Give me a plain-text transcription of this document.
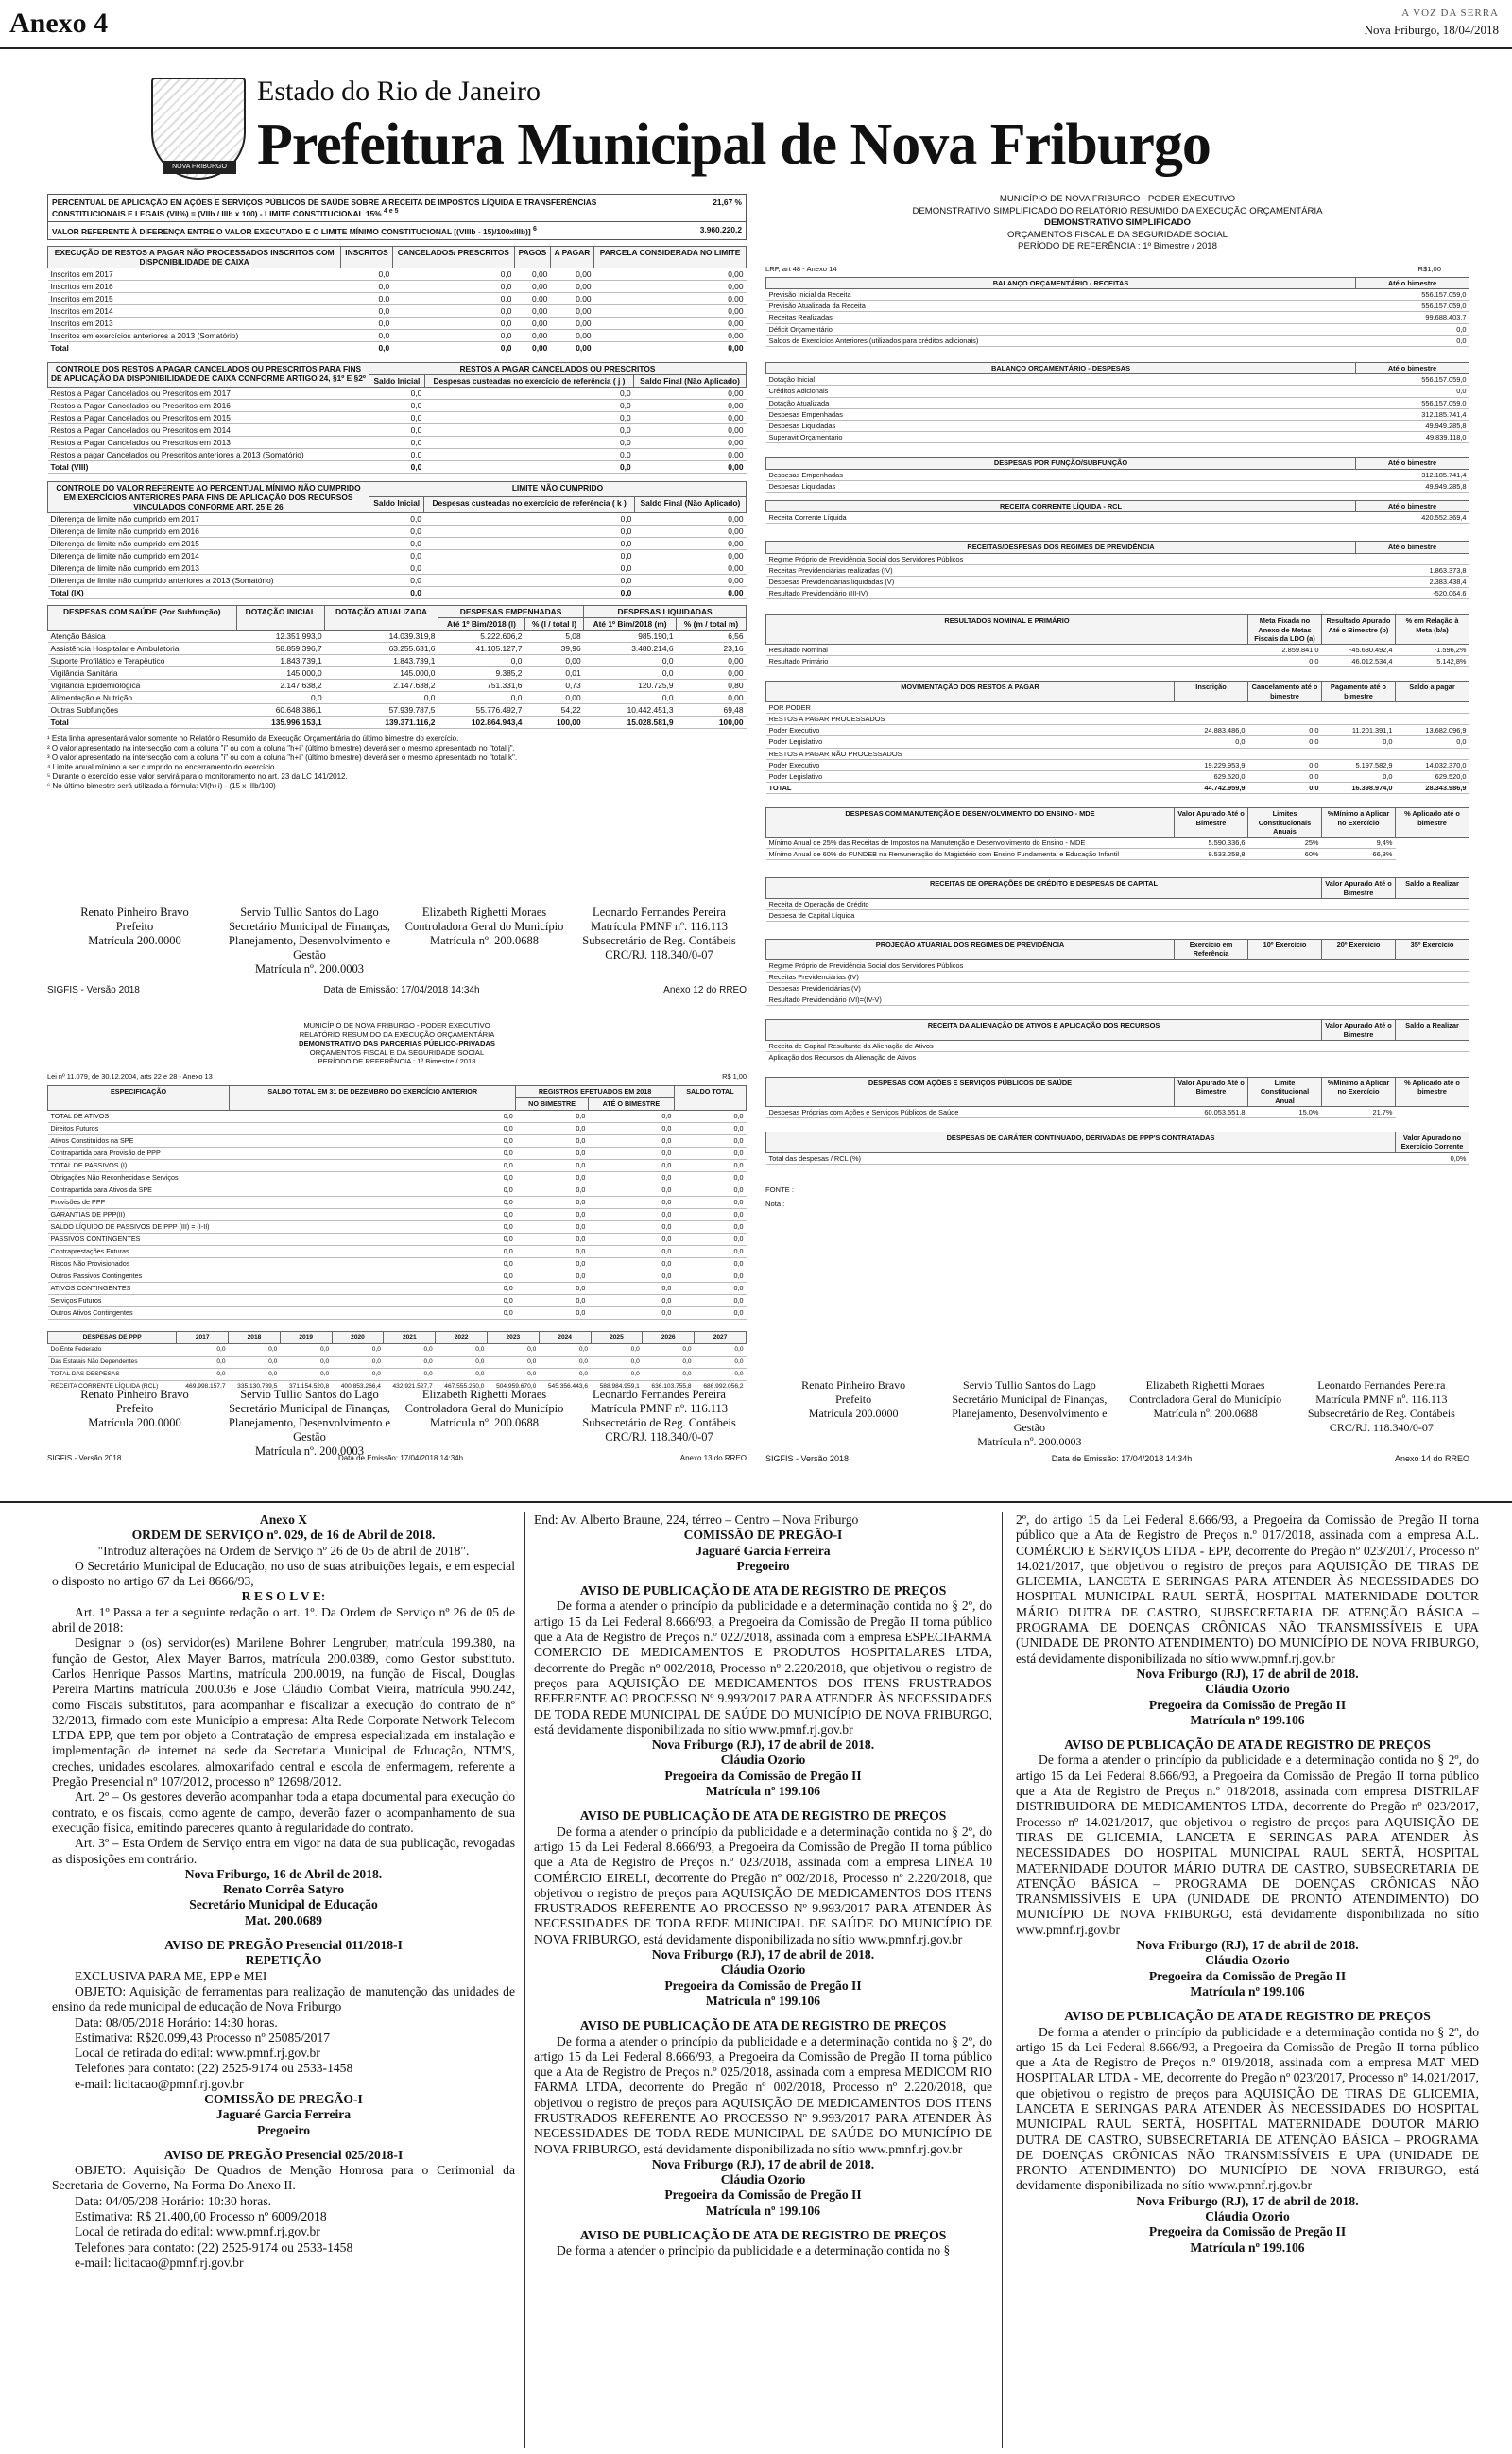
Anexo 4	A VOZ DA SERRA
Nova Friburgo, 18/04/2018
NOVA FRIBURGO
Estado do Rio de Janeiro
Prefeitura Municipal de Nova Friburgo
PERCENTUAL DE APLICAÇÃO EM AÇÕES E SERVIÇOS PÚBLICOS DE SAÚDE SOBRE A RECEITA DE IMPOSTOS LÍQUIDA E TRANSFERÊNCIAS CONSTITUCIONAIS E LEGAIS (VII%) = (VIIb / IIIb x 100) - LIMITE CONSTITUCIONAL 15% $^{4 e 5}$
21,67 %
VALOR REFERENTE À DIFERENÇA ENTRE O VALOR EXECUTADO E O LIMITE MÍNIMO CONSTITUCIONAL [(VIIIb - 15)/100xIIIb)] $^6$	3.960.220,2
EXECUÇÃO DE RESTOS A PAGAR NÃO PROCESSADOS INSCRITOS COM DISPONIBILIDADE DE CAIXA	INSCRITOS	CANCELADOS/ PRESCRITOS	PAGOS	A PAGAR	PARCELA CONSIDERADA NO LIMITE
Inscritos em 2017	0,0	0,0	0,00	0,00	0,00
Inscritos em 2016	0,0	0,0	0,00	0,00	0,00
Inscritos em 2015	0,0	0,0	0,00	0,00	0,00
Inscritos em 2014	0,0	0,0	0,00	0,00	0,00
Inscritos em 2013	0,0	0,0	0,00	0,00	0,00
Inscritos em exercícios anteriores a 2013 (Somatório)	0,0	0,0	0,00	0,00	0,00
Total	0,0	0,0	0,00	0,00	0,00
CONTROLE DOS RESTOS A PAGAR CANCELADOS OU PRESCRITOS PARA FINS DE APLICAÇÃO DA DISPONIBILIDADE DE CAIXA CONFORME ARTIGO 24, §1º E §2º	RESTOS A PAGAR CANCELADOS OU PRESCRITOS		
	Saldo Inicial	Despesas custeadas no exercício de referência ( j )	Saldo Final (Não Aplicado)
Restos a Pagar Cancelados ou Prescritos em 2017	0,0	0,0	0,00
Restos a Pagar Cancelados ou Prescritos em 2016	0,0	0,0	0,00
Restos a Pagar Cancelados ou Prescritos em 2015	0,0	0,0	0,00
Restos a Pagar Cancelados ou Prescritos em 2014	0,0	0,0	0,00
Restos a Pagar Cancelados ou Prescritos em 2013	0,0	0,0	0,00
Restos a pagar Cancelados ou Prescritos anteriores a 2013 (Somatório)	0,0	0,0	0,00
Total (VIII)	0,0	0,0	0,00
CONTROLE DO VALOR REFERENTE AO PERCENTUAL MÍNIMO NÃO CUMPRIDO EM EXERCÍCIOS ANTERIORES PARA FINS DE APLICAÇÃO DOS RECURSOS VINCULADOS CONFORME ART. 25 E 26	LIMITE NÃO CUMPRIDO		
	Saldo Inicial	Despesas custeadas no exercício de referência ( k )	Saldo Final (Não Aplicado)
Diferença de limite não cumprido em 2017	0,0	0,0	0,00
Diferença de limite não cumprido em 2016	0,0	0,0	0,00
Diferença de limite não cumprido em 2015	0,0	0,0	0,00
Diferença de limite não cumprido em 2014	0,0	0,0	0,00
Diferença de limite não cumprido em 2013	0,0	0,0	0,00
Diferença de limite não cumprido anteriores a 2013 (Somatório)	0,0	0,0	0,00
Total (IX)	0,0	0,0	0,00
DESPESAS COM SAÚDE (Por Subfunção)	DOTAÇÃO INICIAL	DOTAÇÃO ATUALIZADA	DESPESAS EMPENHADAS		DESPESAS LIQUIDADAS	
			Até 1º Bim/2018 (l)	% (l / total l)	Até 1º Bim/2018 (m)	% (m / total m)
Atenção Básica	12.351.993,0	14.039.319,8	5.222.606,2	5,08	985.190,1	6,56
Assistência Hospitalar e Ambulatorial	58.859.396,7	63.255.631,6	41.105.127,7	39,96	3.480.214,6	23,16
Suporte Profilático e Terapêutico	1.843.739,1	1.843.739,1	0,0	0,00	0,0	0,00
Vigilância Sanitária	145.000,0	145.000,0	9.385,2	0,01	0,0	0,00
Vigilância Epidemiológica	2.147.638,2	2.147.638,2	751.331,6	0,73	120.725,9	0,80
Alimentação e Nutrição	0,0	0,0	0,0	0,00	0,0	0,00
Outras Subfunções	60.648.386,1	57.939.787,5	55.776.492,7	54,22	10.442.451,3	69,48
Total	135.996.153,1	139.371.116,2	102.864.943,4	100,00	15.028.581,9	100,00
¹ Esta linha apresentará valor somente no Relatório Resumido da Execução Orçamentária do último bimestre do exercício.
² O valor apresentado na intersecção com a coluna "i" ou com a coluna "h+i" (último bimestre) deverá ser o mesmo apresentado no "total j".
³ O valor apresentado na intersecção com a coluna "i" ou com a coluna "h+i" (último bimestre) deverá ser o mesmo apresentado no "total k".
⁴ Limite anual mínimo a ser cumprido no encerramento do exercício.
⁵ Durante o exercício esse valor servirá para o monitoramento no art. 23 da LC 141/2012.
⁶ No último bimestre será utilizada a fórmula: VI(h+i) - (15 x IIIb/100)
Renato Pinheiro Bravo
Prefeito
Matrícula 200.0000
Servio Tullio Santos do Lago
Secretário Municipal de Finanças, Planejamento, Desenvolvimento e Gestão
Matrícula nº. 200.0003
Elizabeth Righetti Moraes
Controladora Geral do Município
Matrícula nº. 200.0688
Leonardo Fernandes Pereira
Matrícula PMNF nº. 116.113 Subsecretário de Reg. Contábeis
CRC/RJ. 118.340/0-07
SIGFIS - Versão 2018	Data de Emissão: 17/04/2018 14:34h	Anexo 12 do RREO
MUNICÍPIO DE NOVA FRIBURGO - PODER EXECUTIVO
RELATÓRIO RESUMIDO DA EXECUÇÃO ORÇAMENTÁRIA
DEMONSTRATIVO DAS PARCERIAS PÚBLICO-PRIVADAS
ORÇAMENTOS FISCAL E DA SEGURIDADE SOCIAL
PERÍODO DE REFERÊNCIA : 1º Bimestre / 2018
Lei nº 11.079, de 30.12.2004, arts 22 e 28 - Anexo 13	R$ 1,00
ESPECIFICAÇÃO	SALDO TOTAL EM 31 DE DEZEMBRO DO EXERCÍCIO ANTERIOR	REGISTROS EFETUADOS EM 2018		SALDO TOTAL
		NO BIMESTRE	ATÉ O BIMESTRE	
TOTAL DE ATIVOS	0,0	0,0	0,0	0,0
Direitos Futuros	0,0	0,0	0,0	0,0
Ativos Constituídos na SPE	0,0	0,0	0,0	0,0
Contrapartida para Provisão de PPP	0,0	0,0	0,0	0,0
TOTAL DE PASSIVOS (I)	0,0	0,0	0,0	0,0
Obrigações Não Reconhecidas e Serviços	0,0	0,0	0,0	0,0
Contrapartida para Ativos da SPE	0,0	0,0	0,0	0,0
Provisões de PPP	0,0	0,0	0,0	0,0
GARANTIAS DE PPP(II)	0,0	0,0	0,0	0,0
SALDO LÍQUIDO DE PASSIVOS DE PPP (III) = (I-II)	0,0	0,0	0,0	0,0
PASSIVOS CONTINGENTES	0,0	0,0	0,0	0,0
Contraprestações Futuras	0,0	0,0	0,0	0,0
Riscos Não Provisionados	0,0	0,0	0,0	0,0
Outros Passivos Contingentes	0,0	0,0	0,0	0,0
ATIVOS CONTINGENTES	0,0	0,0	0,0	0,0
Serviços Futuros	0,0	0,0	0,0	0,0
Outros Ativos Contingentes	0,0	0,0	0,0	0,0
DESPESAS DE PPP	2017	2018	2019	2020	2021	2022	2023	2024	2025	2026	2027
Do Ente Federado	0,0	0,0	0,0	0,0	0,0	0,0	0,0	0,0	0,0	0,0	0,0
Das Estatais Não Dependentes	0,0	0,0	0,0	0,0	0,0	0,0	0,0	0,0	0,0	0,0	0,0
TOTAL DAS DESPESAS	0,0	0,0	0,0	0,0	0,0	0,0	0,0	0,0	0,0	0,0	0,0
RECEITA CORRENTE LÍQUIDA (RCL)	469.998.157,7	335.130.739,5	371.154.520,8	400.853.266,4	432.921.527,7	467.555.250,0	504.959.670,0	545.356.443,6	588.984.959,1	636.103.755,8	686.992.056,2

Renato Pinheiro Bravo
Prefeito
Matrícula 200.0000
Servio Tullio Santos do Lago
Secretário Municipal de Finanças, Planejamento, Desenvolvimento e Gestão
Matrícula nº. 200.0003
Elizabeth Righetti Moraes
Controladora Geral do Município
Matrícula nº. 200.0688
Leonardo Fernandes Pereira
Matrícula PMNF nº. 116.113 Subsecretário de Reg. Contábeis
CRC/RJ. 118.340/0-07
SIGFIS - Versão 2018	Data de Emissão: 17/04/2018 14:34h	Anexo 13 do RREO
MUNICÍPIO DE NOVA FRIBURGO - PODER EXECUTIVO
DEMONSTRATIVO SIMPLIFICADO DO RELATÓRIO RESUMIDO DA EXECUÇÃO ORÇAMENTÁRIA
DEMONSTRATIVO SIMPLIFICADO
ORÇAMENTOS FISCAL E DA SEGURIDADE SOCIAL
PERÍODO DE REFERÊNCIA : 1º Bimestre / 2018
LRF, art 48 - Anexo 14	R$1,00
BALANÇO ORÇAMENTÁRIO - RECEITAS	Até o bimestre
Previsão Inicial da Receita	556.157.059,0
Previsão Atualizada da Receita	556.157.059,0
Receitas Realizadas	99.688.403,7
Déficit Orçamentário	0,0
Saldos de Exercícios Anteriores (utilizados para créditos adicionais)	0,0
BALANÇO ORÇAMENTÁRIO - DESPESAS	Até o bimestre
Dotação Inicial	556.157.059,0
Créditos Adicionais	0,0
Dotação Atualizada	556.157.059,0
Despesas Empenhadas	312.185.741,4
Despesas Liquidadas	49.949.285,8
Superavit Orçamentário	49.839.118,0
DESPESAS POR FUNÇÃO/SUBFUNÇÃO	Até o bimestre
Despesas Empenhadas	312.185.741,4
Despesas Liquidadas	49.949.285,8
RECEITA CORRENTE LÍQUIDA - RCL	Até o bimestre
Receita Corrente Líquida	420.552.369,4
RECEITAS/DESPESAS DOS REGIMES DE PREVIDÊNCIA	Até o bimestre
Regime Próprio de Previdência Social dos Servidores Públicos	
Receitas Previdenciárias realizadas (IV)	1.863.373,8
Despesas Previdenciárias liquidadas (V)	2.383.438,4
Resultado Previdenciário (III-IV)	-520.064,6
RESULTADOS NOMINAL E PRIMÁRIO	Meta Fixada no Anexo de Metas Fiscais da LDO (a)	Resultado Apurado Até o Bimestre (b)	% em Relação à Meta (b/a)
Resultado Nominal	2.859.841,0	-45.630.492,4	-1.596,2%
Resultado Primário	0,0	46.012.534,4	5.142,8%
MOVIMENTAÇÃO DOS RESTOS A PAGAR	Inscrição	Cancelamento até o bimestre	Pagamento até o bimestre	Saldo a pagar
POR PODER				
RESTOS A PAGAR PROCESSADOS				
Poder Executivo	24.883.486,0	0,0	11.201.391,1	13.682.096,9
Poder Legislativo	0,0	0,0	0,0	0,0
RESTOS A PAGAR NÃO PROCESSADOS				
Poder Executivo	19.229.953,9	0,0	5.197.582,9	14.032.370,0
Poder Legislativo	629.520,0	0,0	0,0	629.520,0
TOTAL	44.742.959,9	0,0	16.398.974,0	28.343.986,9
DESPESAS COM MANUTENÇÃO E DESENVOLVIMENTO DO ENSINO - MDE	Valor Apurado Até o Bimestre	Limites Constitucionais Anuais	%Mínimo a Aplicar no Exercício	% Aplicado até o bimestre
Mínimo Anual de 25% das Receitas de Impostos na Manutenção e Desenvolvimento do Ensino - MDE	5.590.336,6	25%	9,4%	
Mínimo Anual de 60% do FUNDEB na Remuneração do Magistério com Ensino Fundamental e Educação Infantil	9.533.258,8	60%	66,3%	
RECEITAS DE OPERAÇÕES DE CRÉDITO E DESPESAS DE CAPITAL	Valor Apurado Até o Bimestre	Saldo a Realizar
Receita de Operação de Crédito		
Despesa de Capital Líquida		
PROJEÇÃO ATUARIAL DOS REGIMES DE PREVIDÊNCIA	Exercício em Referência	10º Exercício	20º Exercício	35º Exercício
Regime Próprio de Previdência Social dos Servidores Públicos				
Receitas Previdenciárias (IV)				
Despesas Previdenciárias (V)				
Resultado Previdenciário (VI)=(IV-V)				
RECEITA DA ALIENAÇÃO DE ATIVOS E APLICAÇÃO DOS RECURSOS	Valor Apurado Até o Bimestre	Saldo a Realizar
Receita de Capital Resultante da Alienação de Ativos		
Aplicação dos Recursos da Alienação de Ativos		
DESPESAS COM AÇÕES E SERVIÇOS PÚBLICOS DE SAÚDE	Valor Apurado Até o Bimestre	Limite Constitucional Anual	%Mínimo a Aplicar no Exercício	% Aplicado até o bimestre
Despesas Próprias com Ações e Serviços Públicos de Saúde	60.053.551,8	15,0%	21,7%	
DESPESAS DE CARÁTER CONTINUADO, DERIVADAS DE PPP'S CONTRATADAS	Valor Apurado no Exercício Corrente
Total das despesas / RCL (%)	0,0%
FONTE :
Nota :
Renato Pinheiro Bravo
Prefeito
Matrícula 200.0000
Servio Tullio Santos do Lago
Secretário Municipal de Finanças, Planejamento, Desenvolvimento e Gestão
Matrícula nº. 200.0003
Elizabeth Righetti Moraes
Controladora Geral do Município
Matrícula nº. 200.0688
Leonardo Fernandes Pereira
Matrícula PMNF nº. 116.113 Subsecretário de Reg. Contábeis
CRC/RJ. 118.340/0-07
SIGFIS - Versão 2018	Data de Emissão: 17/04/2018 14:34h	Anexo 14 do RREO

Anexo X

ORDEM DE SERVIÇO nº. 029, de 16 de Abril de 2018.

"Introduz alterações na Ordem de Serviço nº 26 de 05 de abril de 2018".

O Secretário Municipal de Educação, no uso de suas atribuições legais, e em especial o disposto no artigo 67 da Lei 8666/93,

R E S O L V E:

Art. 1º Passa a ter a seguinte redação o art. 1º. Da Ordem de Serviço nº 26 de 05 de abril de 2018:

Designar o (os) servidor(es) Marilene Bohrer Lengruber, matrícula 199.380, na função de Gestor, Alex Mayer Barros, matrícula 200.0389, como Gestor substituto. Carlos Henrique Passos Martins, matrícula 200.0019, na função de Fiscal, Douglas Pereira Martins matrícula 200.036 e Jose Cláudio Combat Vieira, matrícula 990.242, como Fiscais substitutos, para acompanhar e fiscalizar a execução do contrato de nº 32/2013, firmado com este Município a empresa: Alta Rede Corporate Network Telecom LTDA EPP, que tem por objeto a Contratação de empresa especializada em instalação e implementação de internet na sede da Secretaria Municipal de Educação, NTM'S, creches, unidades escolares, almoxarifado central e escola de enfermagem, referente a Pregão Presencial nº 107/2012, processo nº 12698/2012.

Art. 2º – Os gestores deverão acompanhar toda a etapa documental para execução do contrato, e os fiscais, como agente de campo, deverão fazer o acompanhamento de sua execução física, emitindo pareceres quanto à regularidade do contrato.

Art. 3º – Esta Ordem de Serviço entra em vigor na data de sua publicação, revogadas as disposições em contrário.

Nova Friburgo, 16 de Abril de 2018.

Renato Corrêa Satyro

Secretário Municipal de Educação

Mat. 200.0689

AVISO DE PREGÃO Presencial 011/2018-I

REPETIÇÃO

EXCLUSIVA PARA ME, EPP e MEI

OBJETO: Aquisição de ferramentas para realização de manutenção das unidades de ensino da rede municipal de educação de Nova Friburgo

Data: 08/05/2018 Horário: 14:30 horas.

Estimativa: R$20.099,43 Processo nº 25085/2017

Local de retirada do edital: www.pmnf.rj.gov.br

Telefones para contato: (22) 2525-9174 ou 2533-1458

e-mail: licitacao@pmnf.rj.gov.br

COMISSÃO DE PREGÃO-I

Jaguaré Garcia Ferreira

Pregoeiro

AVISO DE PREGÃO Presencial 025/2018-I

OBJETO: Aquisição De Quadros de Menção Honrosa para o Cerimonial da Secretaria de Governo, Na Forma Do Anexo II.

Data: 04/05/208 Horário: 10:30 horas.

Estimativa: R$ 21.400,00 Processo nº 6009/2018

Local de retirada do edital: www.pmnf.rj.gov.br

Telefones para contato: (22) 2525-9174 ou 2533-1458

e-mail: licitacao@pmnf.rj.gov.br

End: Av. Alberto Braune, 224, térreo – Centro – Nova Friburgo

COMISSÃO DE PREGÃO-I

Jaguaré Garcia Ferreira

Pregoeiro

AVISO DE PUBLICAÇÃO DE ATA DE REGISTRO DE PREÇOS

De forma a atender o princípio da publicidade e a determinação contida no § 2º, do artigo 15 da Lei Federal 8.666/93, a Pregoeira da Comissão de Pregão II torna público que a Ata de Registro de Preços n.º 022/2018, assinada com a empresa ESPECIFARMA COMERCIO DE MEDICAMENTOS E PRODUTOS HOSPITALARES LTDA, decorrente do Pregão nº 002/2018, Processo nº 2.220/2018, que objetivou o registro de preços para AQUISIÇÃO DE MEDICAMENTOS DOS ITENS FRUSTRADOS REFERENTE AO PROCESSO Nº 9.993/2017 PARA ATENDER ÀS NECESSIDADES DE TODA REDE MUNICIPAL DE SAÚDE DO MUNICÍPIO DE NOVA FRIBURGO, está devidamente disponibilizada no sítio www.pmnf.rj.gov.br

Nova Friburgo (RJ), 17 de abril de 2018.

Cláudia Ozorio

Pregoeira da Comissão de Pregão II

Matrícula nº 199.106

AVISO DE PUBLICAÇÃO DE ATA DE REGISTRO DE PREÇOS

De forma a atender o princípio da publicidade e a determinação contida no § 2º, do artigo 15 da Lei Federal 8.666/93, a Pregoeira da Comissão de Pregão II torna público que a Ata de Registro de Preços n.º 023/2018, assinada com a empresa LINEA 10 COMÉRCIO EIRELI, decorrente do Pregão nº 002/2018, Processo nº 2.220/2018, que objetivou o registro de preços para AQUISIÇÃO DE MEDICAMENTOS DOS ITENS FRUSTRADOS REFERENTE AO PROCESSO Nº 9.993/2017 PARA ATENDER ÀS NECESSIDADES DE TODA REDE MUNICIPAL DE SAÚDE DO MUNICÍPIO DE NOVA FRIBURGO, está devidamente disponibilizada no sítio www.pmnf.rj.gov.br

Nova Friburgo (RJ), 17 de abril de 2018.

Cláudia Ozorio

Pregoeira da Comissão de Pregão II

Matrícula nº 199.106

AVISO DE PUBLICAÇÃO DE ATA DE REGISTRO DE PREÇOS

De forma a atender o princípio da publicidade e a determinação contida no § 2º, do artigo 15 da Lei Federal 8.666/93, a Pregoeira da Comissão de Pregão II torna público que a Ata de Registro de Preços n.º 025/2018, assinada com a empresa MEDICOM RIO FARMA LTDA, decorrente do Pregão nº 002/2018, Processo nº 2.220/2018, que objetivou o registro de preços para AQUISIÇÃO DE MEDICAMENTOS DOS ITENS FRUSTRADOS REFERENTE AO PROCESSO Nº 9.993/2017 PARA ATENDER ÀS NECESSIDADES DE TODA REDE MUNICIPAL DE SAÚDE DO MUNICÍPIO DE NOVA FRIBURGO, está devidamente disponibilizada no sítio www.pmnf.rj.gov.br

Nova Friburgo (RJ), 17 de abril de 2018.

Cláudia Ozorio

Pregoeira da Comissão de Pregão II

Matrícula nº 199.106

AVISO DE PUBLICAÇÃO DE ATA DE REGISTRO DE PREÇOS

De forma a atender o princípio da publicidade e a determinação contida no §

2º, do artigo 15 da Lei Federal 8.666/93, a Pregoeira da Comissão de Pregão II torna público que a Ata de Registro de Preços n.º 017/2018, assinada com a empresa A.L. COMÉRCIO E SERVIÇOS LTDA - EPP, decorrente do Pregão nº 023/2017, Processo nº 14.021/2017, que objetivou o registro de preços para AQUISIÇÃO DE TIRAS DE GLICEMIA, LANCETA E SERINGAS PARA ATENDER ÀS NECESSIDADES DO HOSPITAL MUNICIPAL RAUL SERTÃ, HOSPITAL MATERNIDADE DOUTOR MÁRIO DUTRA DE CASTRO, SUBSECRETARIA DE ATENÇÃO BÁSICA – PROGRAMA DE DOENÇAS CRÔNICAS NÃO TRANSMISSÍVEIS E UPA (UNIDADE DE PRONTO ATENDIMENTO) DO MUNICÍPIO DE NOVA FRIBURGO, está devidamente disponibilizada no sítio www.pmnf.rj.gov.br

Nova Friburgo (RJ), 17 de abril de 2018.

Cláudia Ozorio

Pregoeira da Comissão de Pregão II

Matrícula nº 199.106

AVISO DE PUBLICAÇÃO DE ATA DE REGISTRO DE PREÇOS

De forma a atender o princípio da publicidade e a determinação contida no § 2º, do artigo 15 da Lei Federal 8.666/93, a Pregoeira da Comissão de Pregão II torna público que a Ata de Registro de Preços n.º 018/2018, assinada com empresa DISTRILAF DISTRIBUIDORA DE MEDICAMENTOS LTDA, decorrente do Pregão nº 023/2017, Processo nº 14.021/2017, que objetivou o registro de preços para AQUISIÇÃO DE TIRAS DE GLICEMIA, LANCETA E SERINGAS PARA ATENDER ÀS NECESSIDADES DO HOSPITAL MUNICIPAL RAUL SERTÃ, HOSPITAL MATERNIDADE DOUTOR MÁRIO DUTRA DE CASTRO, SUBSECRETARIA DE ATENÇÃO BÁSICA – PROGRAMA DE DOENÇAS CRÔNICAS NÃO TRANSMISSÍVEIS E UPA (UNIDADE DE PRONTO ATENDIMENTO) DO MUNICÍPIO DE NOVA FRIBURGO, está devidamente disponibilizada no sítio www.pmnf.rj.gov.br

Nova Friburgo (RJ), 17 de abril de 2018.

Cláudia Ozorio

Pregoeira da Comissão de Pregão II

Matrícula nº 199.106

AVISO DE PUBLICAÇÃO DE ATA DE REGISTRO DE PREÇOS

De forma a atender o princípio da publicidade e a determinação contida no § 2º, do artigo 15 da Lei Federal 8.666/93, a Pregoeira da Comissão de Pregão II torna público que a Ata de Registro de Preços n.º 019/2018, assinada com a empresa MAT MED HOSPITALAR LTDA - ME, decorrente do Pregão nº 023/2017, Processo nº 14.021/2017, que objetivou o registro de preços para AQUISIÇÃO DE TIRAS DE GLICEMIA, LANCETA E SERINGAS PARA ATENDER ÀS NECESSIDADES DO HOSPITAL MUNICIPAL RAUL SERTÃ, HOSPITAL MATERNIDADE DOUTOR MÁRIO DUTRA DE CASTRO, SUBSECRETARIA DE ATENÇÃO BÁSICA – PROGRAMA DE DOENÇAS CRÔNICAS NÃO TRANSMISSÍVEIS E UPA (UNIDADE DE PRONTO ATENDIMENTO) DO MUNICÍPIO DE NOVA FRIBURGO, está devidamente disponibilizada no sítio www.pmnf.rj.gov.br

Nova Friburgo (RJ), 17 de abril de 2018.

Cláudia Ozorio

Pregoeira da Comissão de Pregão II

Matrícula nº 199.106
